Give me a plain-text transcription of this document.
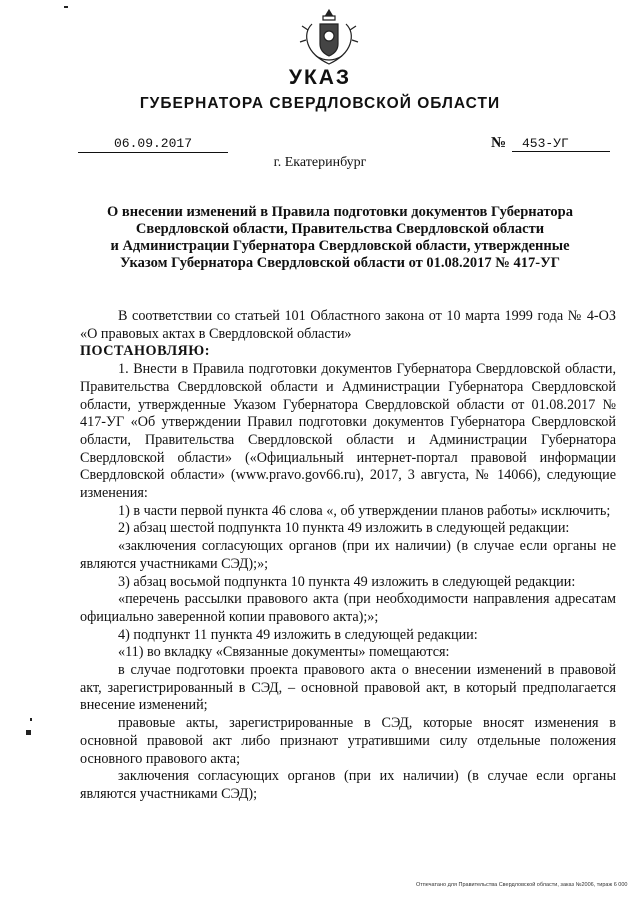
УКАЗ
ГУБЕРНАТОРА СВЕРДЛОВСКОЙ ОБЛАСТИ
06.09.2017	№	453-УГ
г. Екатеринбург
О внесении изменений в Правила подготовки документов Губернатора
Свердловской области, Правительства Свердловской области
и Администрации Губернатора Свердловской области, утвержденные
Указом Губернатора Свердловской области от 01.08.2017 № 417-УГ

В соответствии со статьей 101 Областного закона от 10 марта 1999 года № 4-ОЗ «О правовых актах в Свердловской области»

ПОСТАНОВЛЯЮ:

1. Внести в Правила подготовки документов Губернатора Свердловской области, Правительства Свердловской области и Администрации Губернатора Свердловской области, утвержденные Указом Губернатора Свердловской области от 01.08.2017 № 417-УГ «Об утверждении Правил подготовки документов Губернатора Свердловской области, Правительства Свердловской области и Администрации Губернатора Свердловской области» («Официальный интернет-портал правовой информации Свердловской области» (www.pravo.gov66.ru), 2017, 3 августа, № 14066), следующие изменения:

1) в части первой пункта 46 слова «, об утверждении планов работы» исключить;

2) абзац шестой подпункта 10 пункта 49 изложить в следующей редакции:

«заключения согласующих органов (при их наличии) (в случае если органы не являются участниками СЭД);»;

3) абзац восьмой подпункта 10 пункта 49 изложить в следующей редакции:

«перечень рассылки правового акта (при необходимости направления адресатам официально заверенной копии правового акта);»;

4) подпункт 11 пункта 49 изложить в следующей редакции:

«11) во вкладку «Связанные документы» помещаются:

в случае подготовки проекта правового акта о внесении изменений в правовой акт, зарегистрированный в СЭД, – основной правовой акт, в который предполагается внесение изменений;

правовые акты, зарегистрированные в СЭД, которые вносят изменения в основной правовой акт либо признают утратившими силу отдельные положения основного правового акта;

заключения согласующих органов (при их наличии) (в случае если органы являются участниками СЭД);

Отпечатано для Правительства Свердловской области, заказ №2006, тираж 6 000
